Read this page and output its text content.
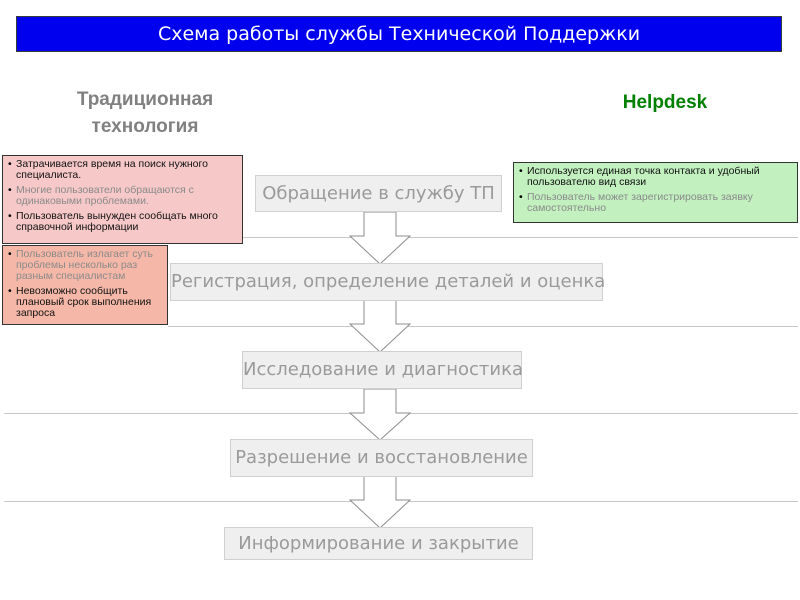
Схема работы службы Технической Поддержки
Традиционная
технология
Helpdesk
Обращение в службу ТП
Регистрация, определение деталей и оценка
Исследование и диагностика
Разрешение и восстановление
Информирование и закрытие
• Затрачивается время на поиск нужного специалиста.
• Многие пользователи обращаются с одинаковыми проблемами.
• Пользователь вынужден сообщать много справочной информации
• Пользователь излагает суть проблемы несколько раз разным специалистам
• Невозможно сообщить плановый срок выполнения запроса
• Используется единая точка контакта и удобный пользователю вид связи
• Пользователь может зарегистрировать заявку самостоятельно
